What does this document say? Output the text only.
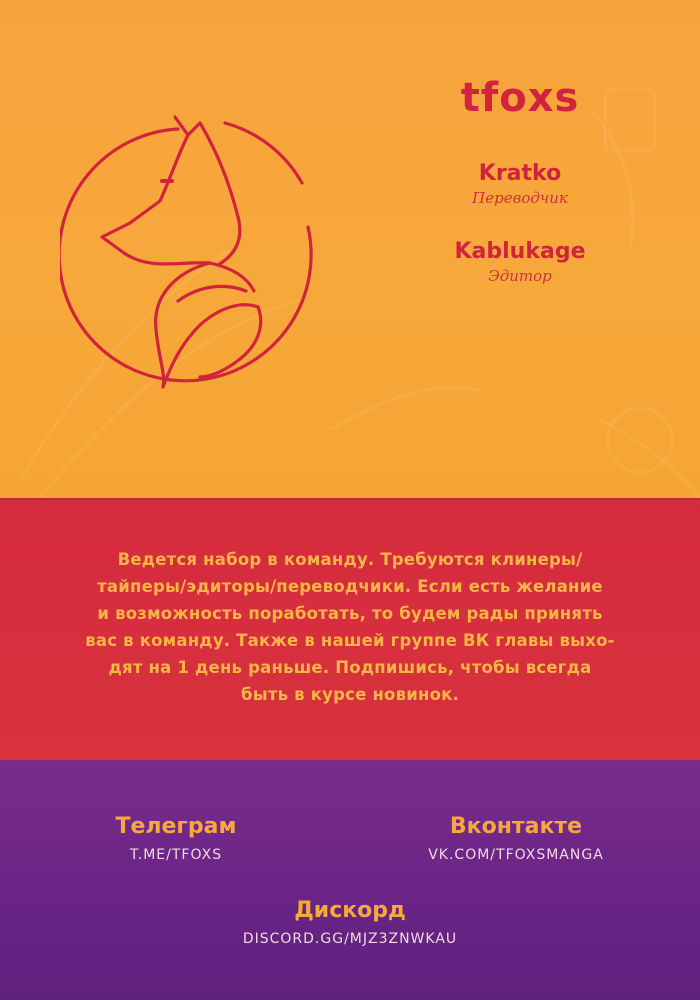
tfoxs
Kratko
Переводчик
Kablukage
Эдитор
Ведется набор в команду. Требуются клинеры/
тайперы/эдиторы/переводчики. Если есть желание
и возможность поработать, то будем рады принять
вас в команду. Также в нашей группе ВК главы выхо-
дят на 1 день раньше. Подпишись, чтобы всегда
быть в курсе новинок.
Телеграм
T.ME/TFOXS
Вконтакте
VK.COM/TFOXSMANGA
Дискорд
DISCORD.GG/MJZ3ZNWKAU
